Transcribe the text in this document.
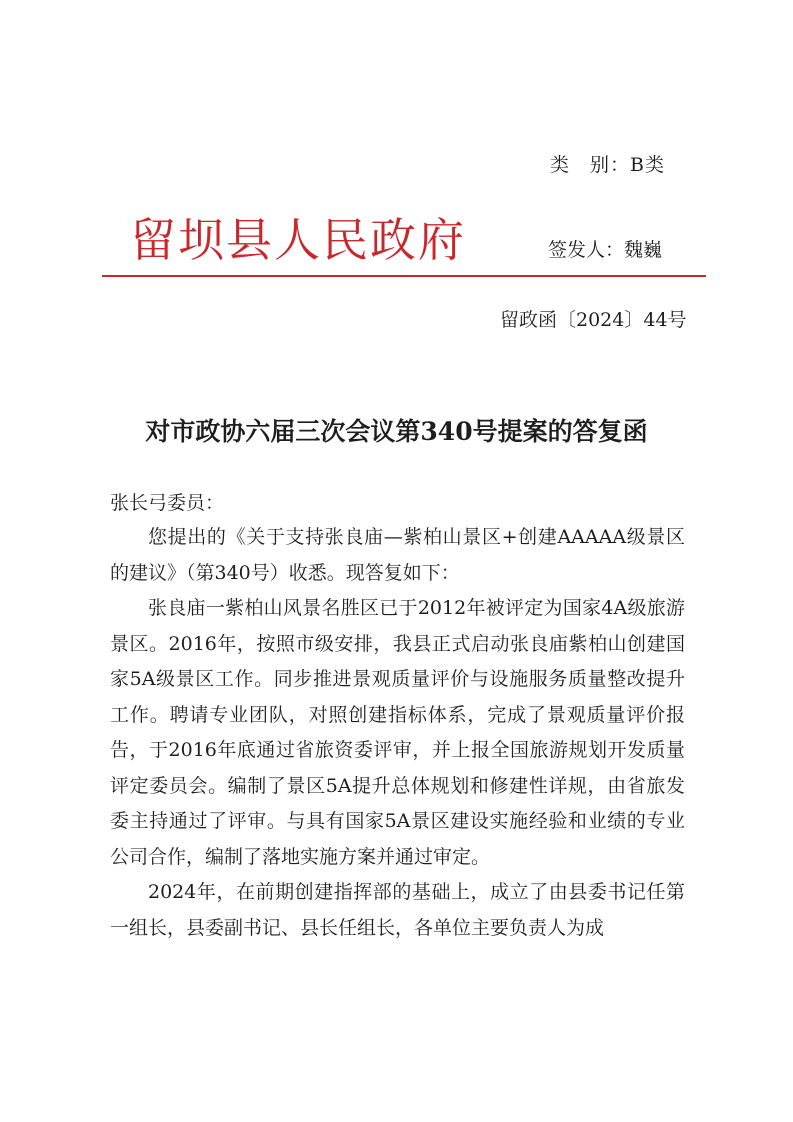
类　别：B类
留坝县人民政府	签发人：魏巍
留政函〔2024〕44号
对市政协六届三次会议第340号提案的答复函
张长弓委员：

您提出的《关于支持张良庙—紫柏山景区+创建AAAAA级景区的建议》（第340号）收悉。现答复如下：

张良庙一紫柏山风景名胜区已于2012年被评定为国家4A级旅游景区。2016年，按照市级安排，我县正式启动张良庙紫柏山创建国家5A级景区工作。同步推进景观质量评价与设施服务质量整改提升工作。聘请专业团队，对照创建指标体系，完成了景观质量评价报告，于2016年底通过省旅资委评审，并上报全国旅游规划开发质量评定委员会。编制了景区5A提升总体规划和修建性详规，由省旅发委主持通过了评审。与具有国家5A景区建设实施经验和业绩的专业公司合作，编制了落地实施方案并通过审定。

2024年，在前期创建指挥部的基础上，成立了由县委书记任第一组长，县委副书记、县长任组长，各单位主要负责人为成
